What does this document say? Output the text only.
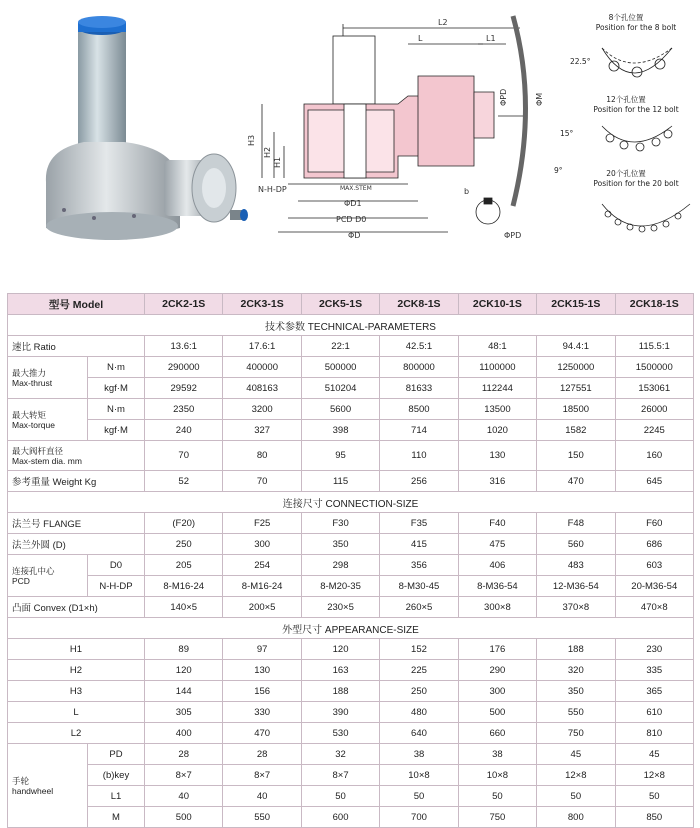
L2
L	L1
ΦPD	ΦM
H3
H2
H1
N-H-DP	MAX.STEM
ΦD1
PCD D0
ΦD
b
ΦPD
8个孔位置
Position for the 8 bolt
22.5°
12个孔位置
Position for the 12 bolt
15°
20个孔位置
Position for the 20 bolt
9°
型号 Model		2CK2-1S	2CK3-1S	2CK5-1S	2CK8-1S	2CK10-1S	2CK15-1S	2CK18-1S
技术参数 TECHNICAL-PARAMETERS								
速比 Ratio		13.6:1	17.6:1	22:1	42.5:1	48:1	94.4:1	115.5:1
最大推力
Max-thrust	N·m	290000	400000	500000	800000	1100000	1250000	1500000
	kgf·M	29592	408163	510204	81633	112244	127551	153061
最大转矩
Max-torque	N·m	2350	3200	5600	8500	13500	18500	26000
	kgf·M	240	327	398	714	1020	1582	2245
最大阀杆直径
Max-stem dia. mm		70	80	95	110	130	150	160
参考重量 Weight Kg		52	70	115	256	316	470	645
连接尺寸 CONNECTION-SIZE								
法兰号 FLANGE		(F20)	F25	F30	F35	F40	F48	F60
法兰外圆 (D)		250	300	350	415	475	560	686
连接孔中心
PCD	D0	205	254	298	356	406	483	603
	N-H-DP	8-M16-24	8-M16-24	8-M20-35	8-M30-45	8-M36-54	12-M36-54	20-M36-54
凸面 Convex (D1×h)		140×5	200×5	230×5	260×5	300×8	370×8	470×8
外型尺寸 APPEARANCE-SIZE								
H1		89	97	120	152	176	188	230
H2		120	130	163	225	290	320	335
H3		144	156	188	250	300	350	365
L		305	330	390	480	500	550	610
L2		400	470	530	640	660	750	810
手轮
handwheel	PD	28	28	32	38	38	45	45
	(b)key	8×7	8×7	8×7	10×8	10×8	12×8	12×8
	L1	40	40	50	50	50	50	50
	M	500	550	600	700	750	800	850
